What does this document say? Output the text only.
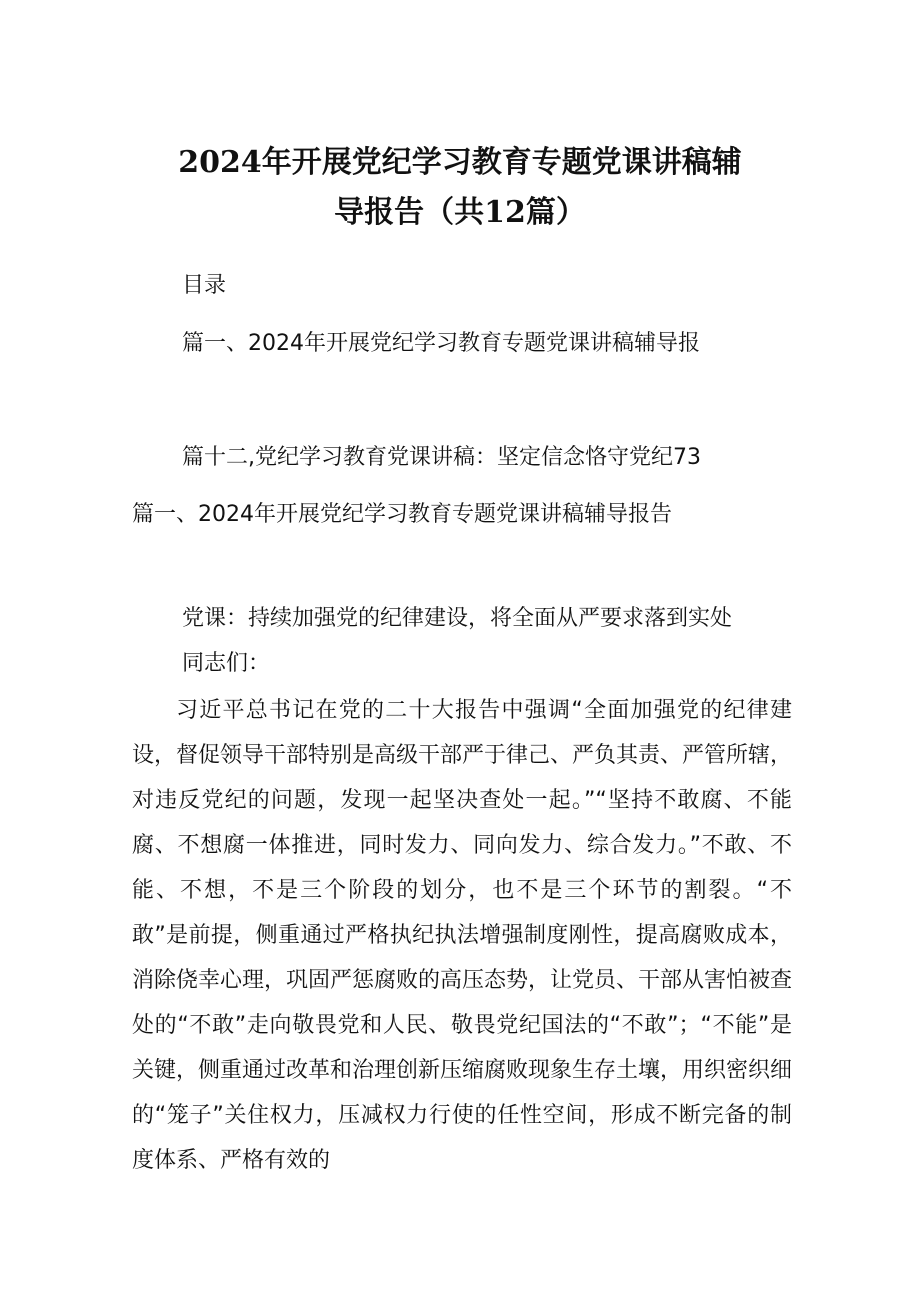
2024年开展党纪学习教育专题党课讲稿辅
导报告（共12篇）

目录

篇一、2024年开展党纪学习教育专题党课讲稿辅导报

篇十二,党纪学习教育党课讲稿：坚定信念恪守党纪73

篇一、2024年开展党纪学习教育专题党课讲稿辅导报告

党课：持续加强党的纪律建设，将全面从严要求落到实处

同志们：

习近平总书记在党的二十大报告中强调“全面加强党的纪律建设，督促领导干部特别是高级干部严于律己、严负其责、严管所辖，对违反党纪的问题，发现一起坚决查处一起。”“坚持不敢腐、不能腐、不想腐一体推进，同时发力、同向发力、综合发力。”不敢、不能、不想，不是三个阶段的划分，也不是三个环节的割裂。“不敢”是前提，侧重通过严格执纪执法增强制度刚性，提高腐败成本，消除侥幸心理，巩固严惩腐败的高压态势，让党员、干部从害怕被查处的“不敢”走向敬畏党和人民、敬畏党纪国法的“不敢”；“不能”是关键，侧重通过改革和治理创新压缩腐败现象生存土壤，用织密织细的“笼子”关住权力，压减权力行使的任性空间，形成不断完备的制度体系、严格有效的
